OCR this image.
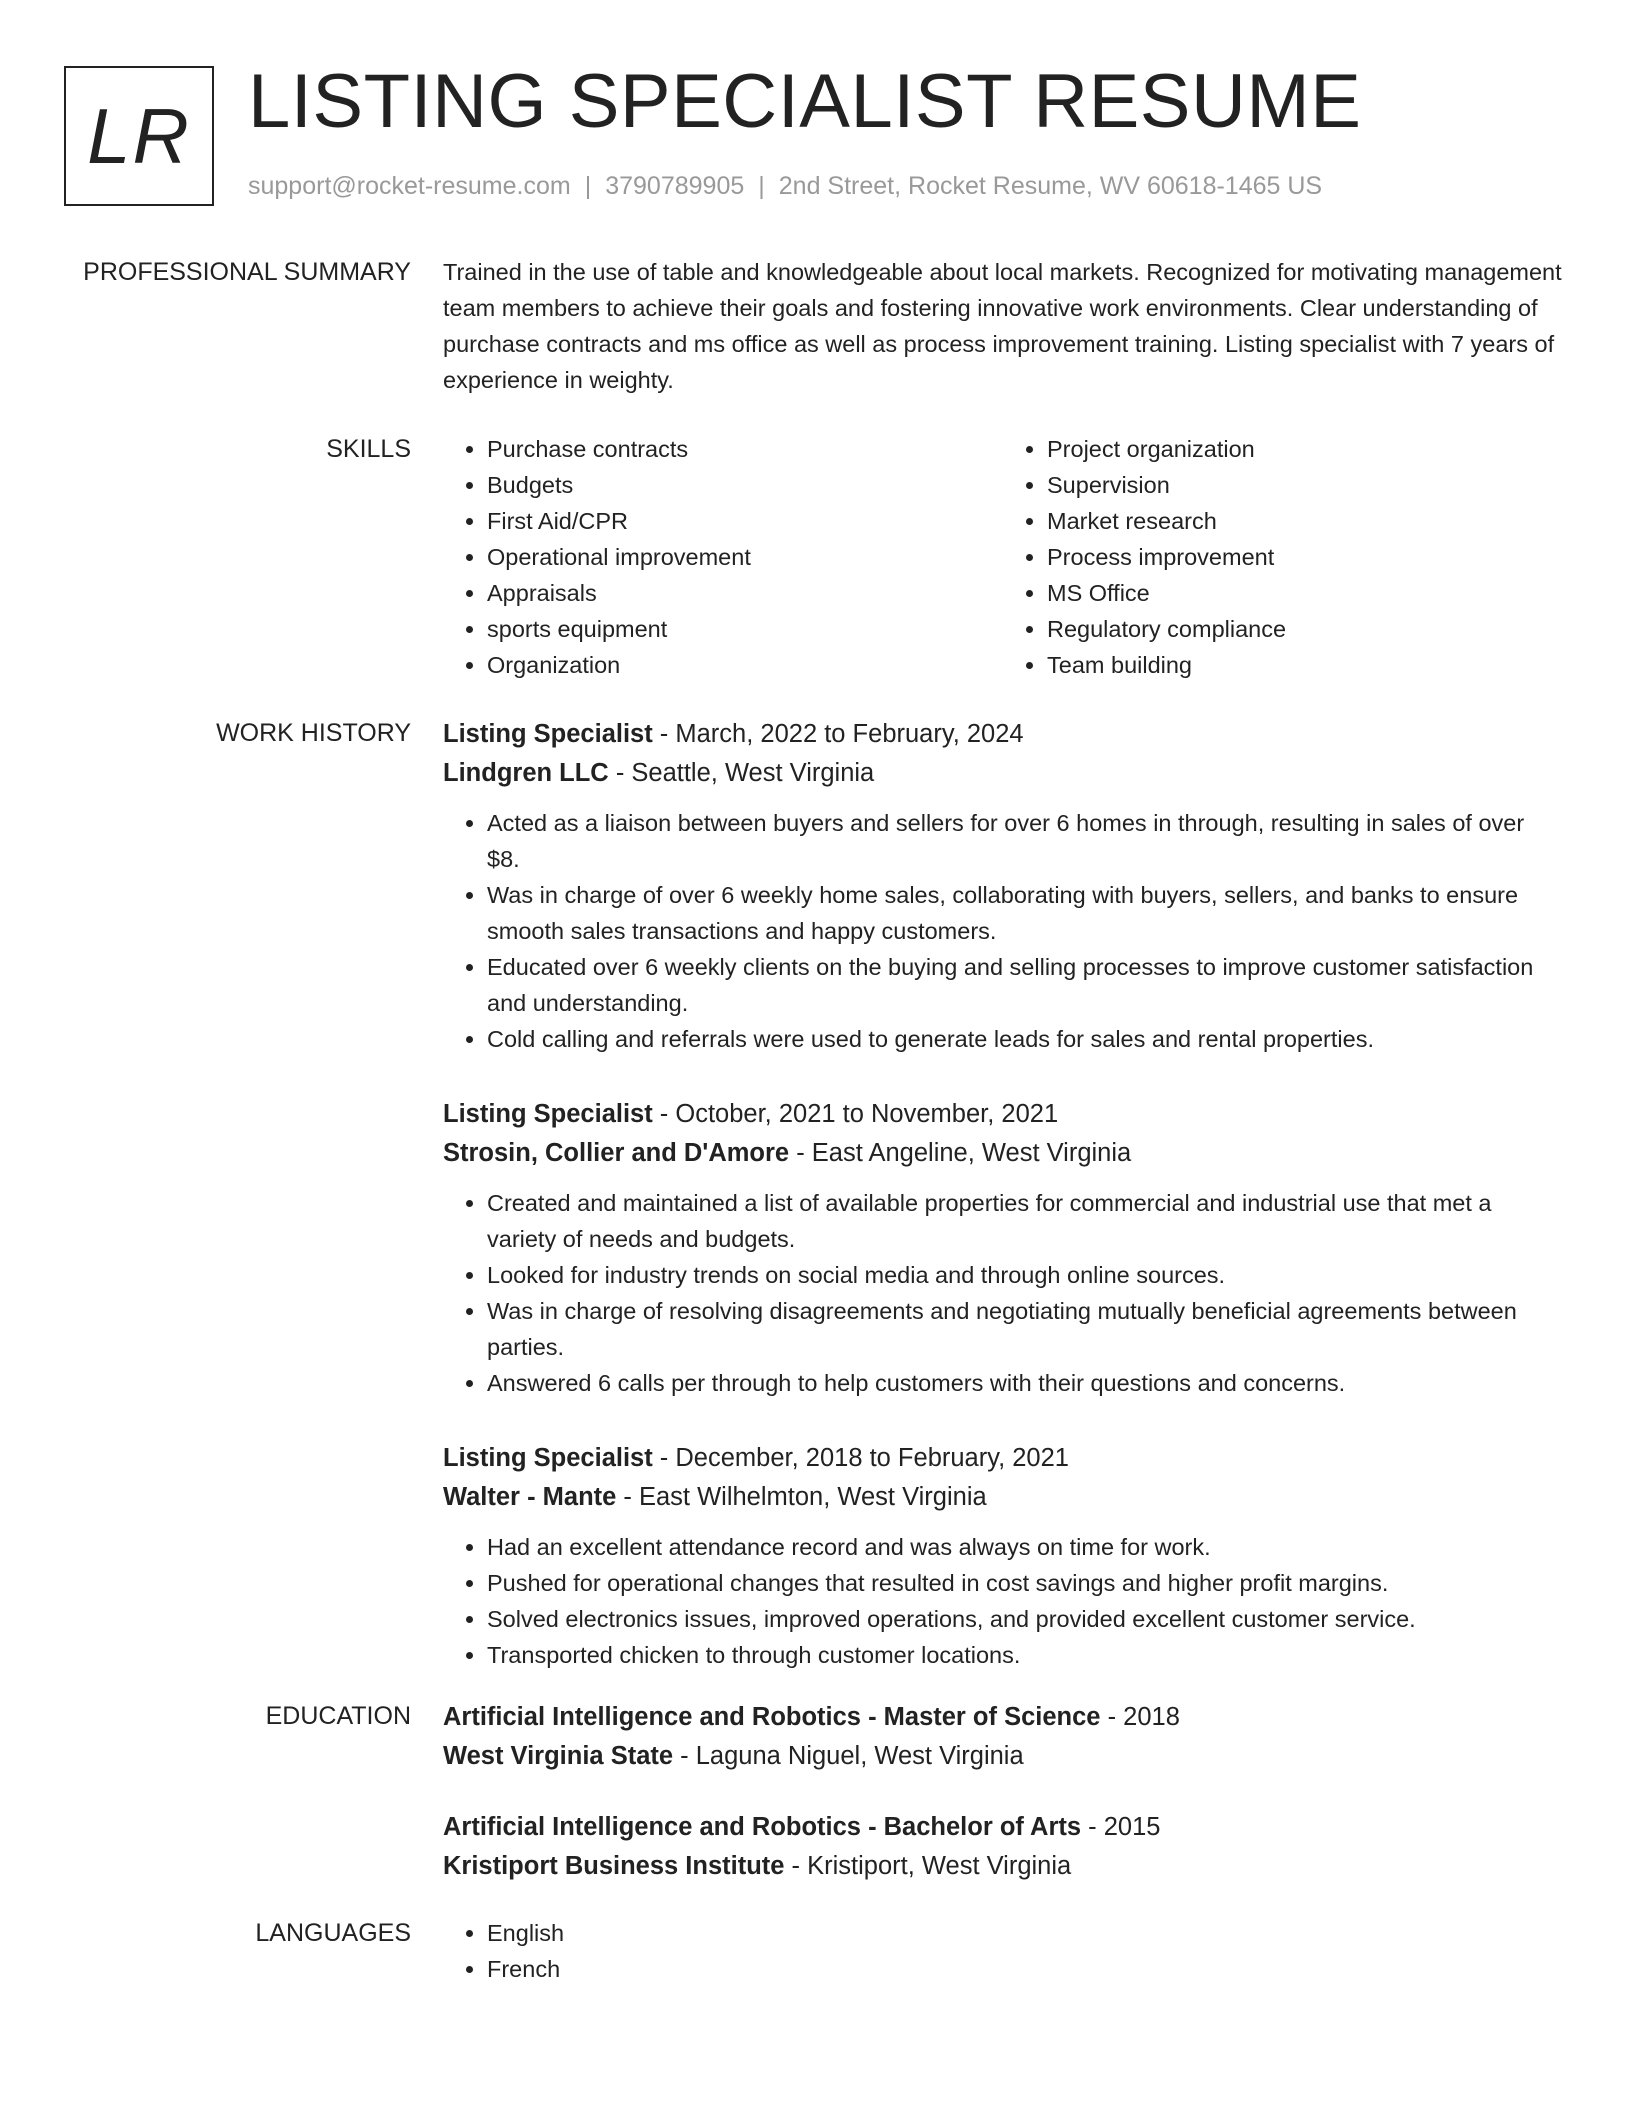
LR LISTING SPECIALIST RESUME
support@rocket-resume.com | 3790789905 | 2nd Street, Rocket Resume, WV 60618-1465 US
PROFESSIONAL SUMMARY Trained in the use of table and knowledgeable about local markets. Recognized for motivating management team members to achieve their goals and fostering innovative work environments. Clear understanding of purchase contracts and ms office as well as process improvement training. Listing specialist with 7 years of experience in weighty.
SKILLS	• Purchase contracts
• Budgets
• First Aid/CPR
• Operational improvement
• Appraisals
• sports equipment
• Organization
• Project organization
• Supervision
• Market research
• Process improvement
• MS Office
• Regulatory compliance
• Team building
WORK HISTORY Listing Specialist - March, 2022 to February, 2024
Lindgren LLC - Seattle, West Virginia
• Acted as a liaison between buyers and sellers for over 6 homes in through, resulting in sales of over $8.
• Was in charge of over 6 weekly home sales, collaborating with buyers, sellers, and banks to ensure smooth sales transactions and happy customers.
• Educated over 6 weekly clients on the buying and selling processes to improve customer satisfaction and understanding.
• Cold calling and referrals were used to generate leads for sales and rental properties.
Listing Specialist - October, 2021 to November, 2021
Strosin, Collier and D'Amore - East Angeline, West Virginia
• Created and maintained a list of available properties for commercial and industrial use that met a variety of needs and budgets.
• Looked for industry trends on social media and through online sources.
• Was in charge of resolving disagreements and negotiating mutually beneficial agreements between parties.
• Answered 6 calls per through to help customers with their questions and concerns.
Listing Specialist - December, 2018 to February, 2021
Walter - Mante - East Wilhelmton, West Virginia
• Had an excellent attendance record and was always on time for work.
• Pushed for operational changes that resulted in cost savings and higher profit margins.
• Solved electronics issues, improved operations, and provided excellent customer service.
• Transported chicken to through customer locations.
EDUCATION Artificial Intelligence and Robotics - Master of Science - 2018
West Virginia State - Laguna Niguel, West Virginia
Artificial Intelligence and Robotics - Bachelor of Arts - 2015
Kristiport Business Institute - Kristiport, West Virginia
LANGUAGES	• English
• French
